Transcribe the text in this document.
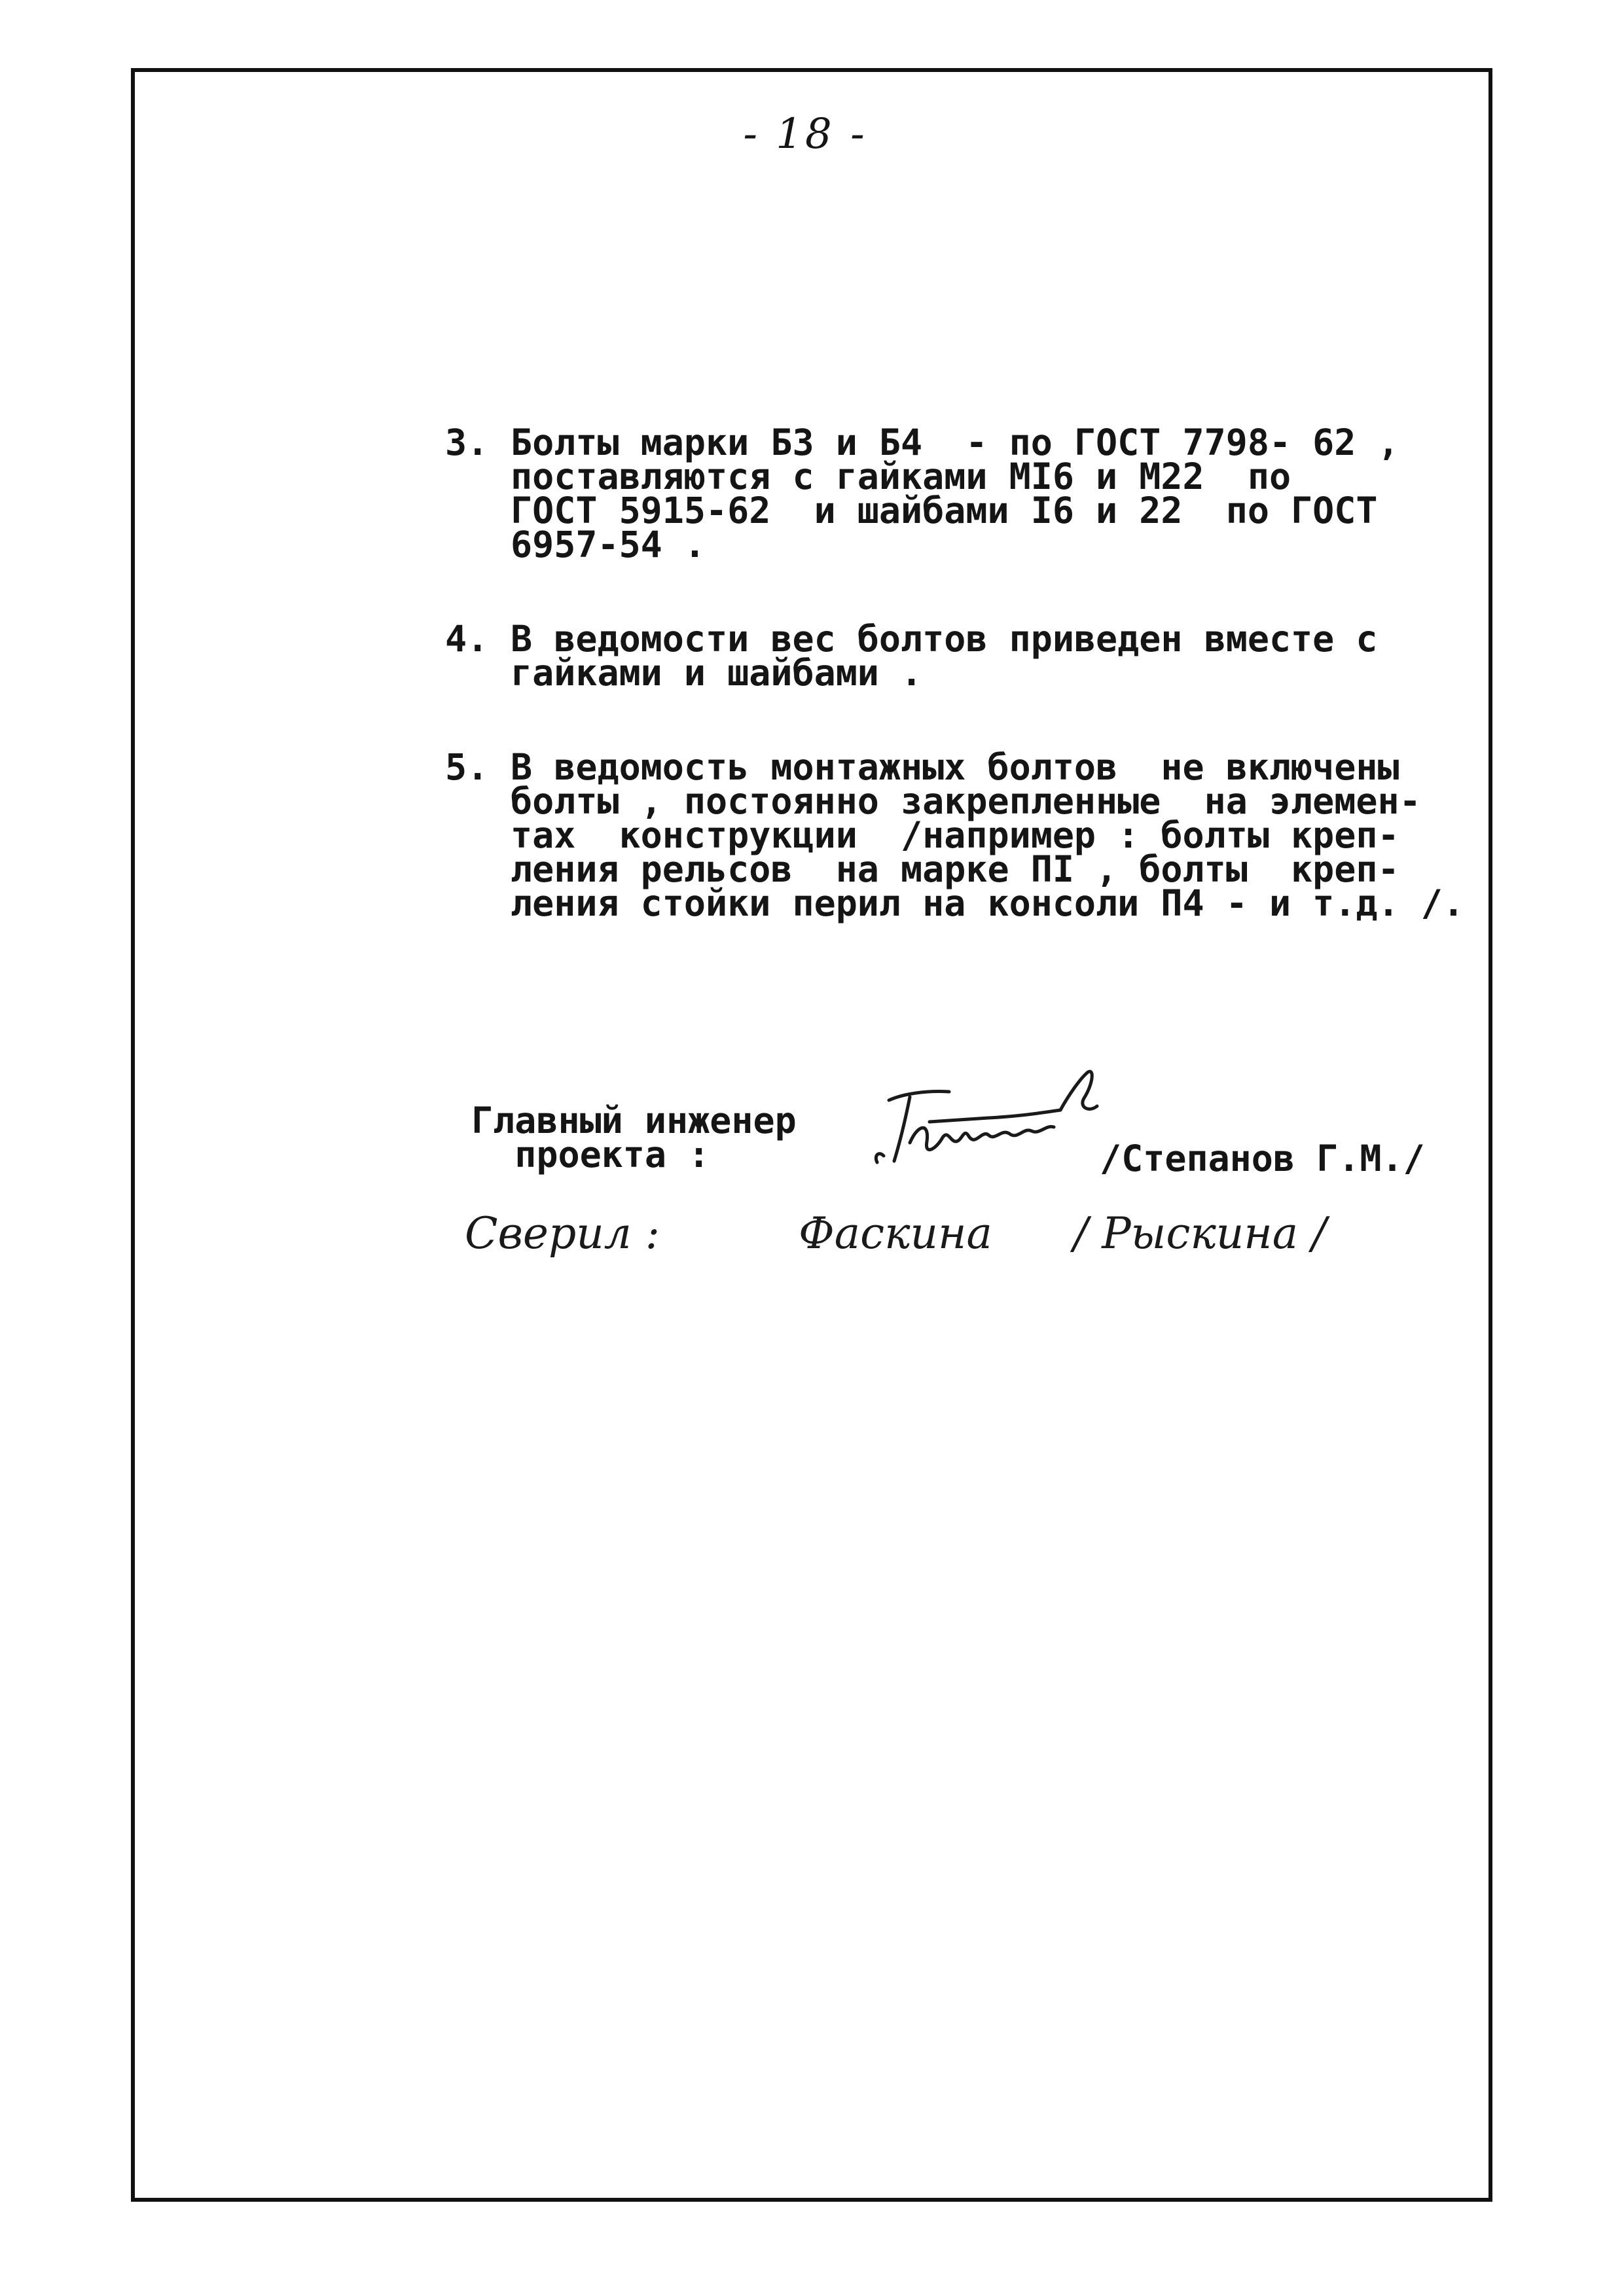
- 18 -
3. Болты марки БЗ и Б4  - по ГОСТ 7798- 62 ,
поставляются с гайками МI6 и M22  по
ГОСТ 5915-62  и шайбами I6 и 22  по ГОСТ
6957-54 .
4. В ведомости вес болтов приведен вместе с
гайками и шайбами .
5. В ведомость монтажных болтов  не включены
болты , постоянно закрепленные  на элемен-
тах  конструкции  /например : болты креп-
ления рельсов  на марке ПI , болты  креп-
ления стойки перил на консоли П4 - и т.д. /.
Главный инженер
проекта :	/Степанов Г.М./
Сверил :	Фаскина / Рыскина /
